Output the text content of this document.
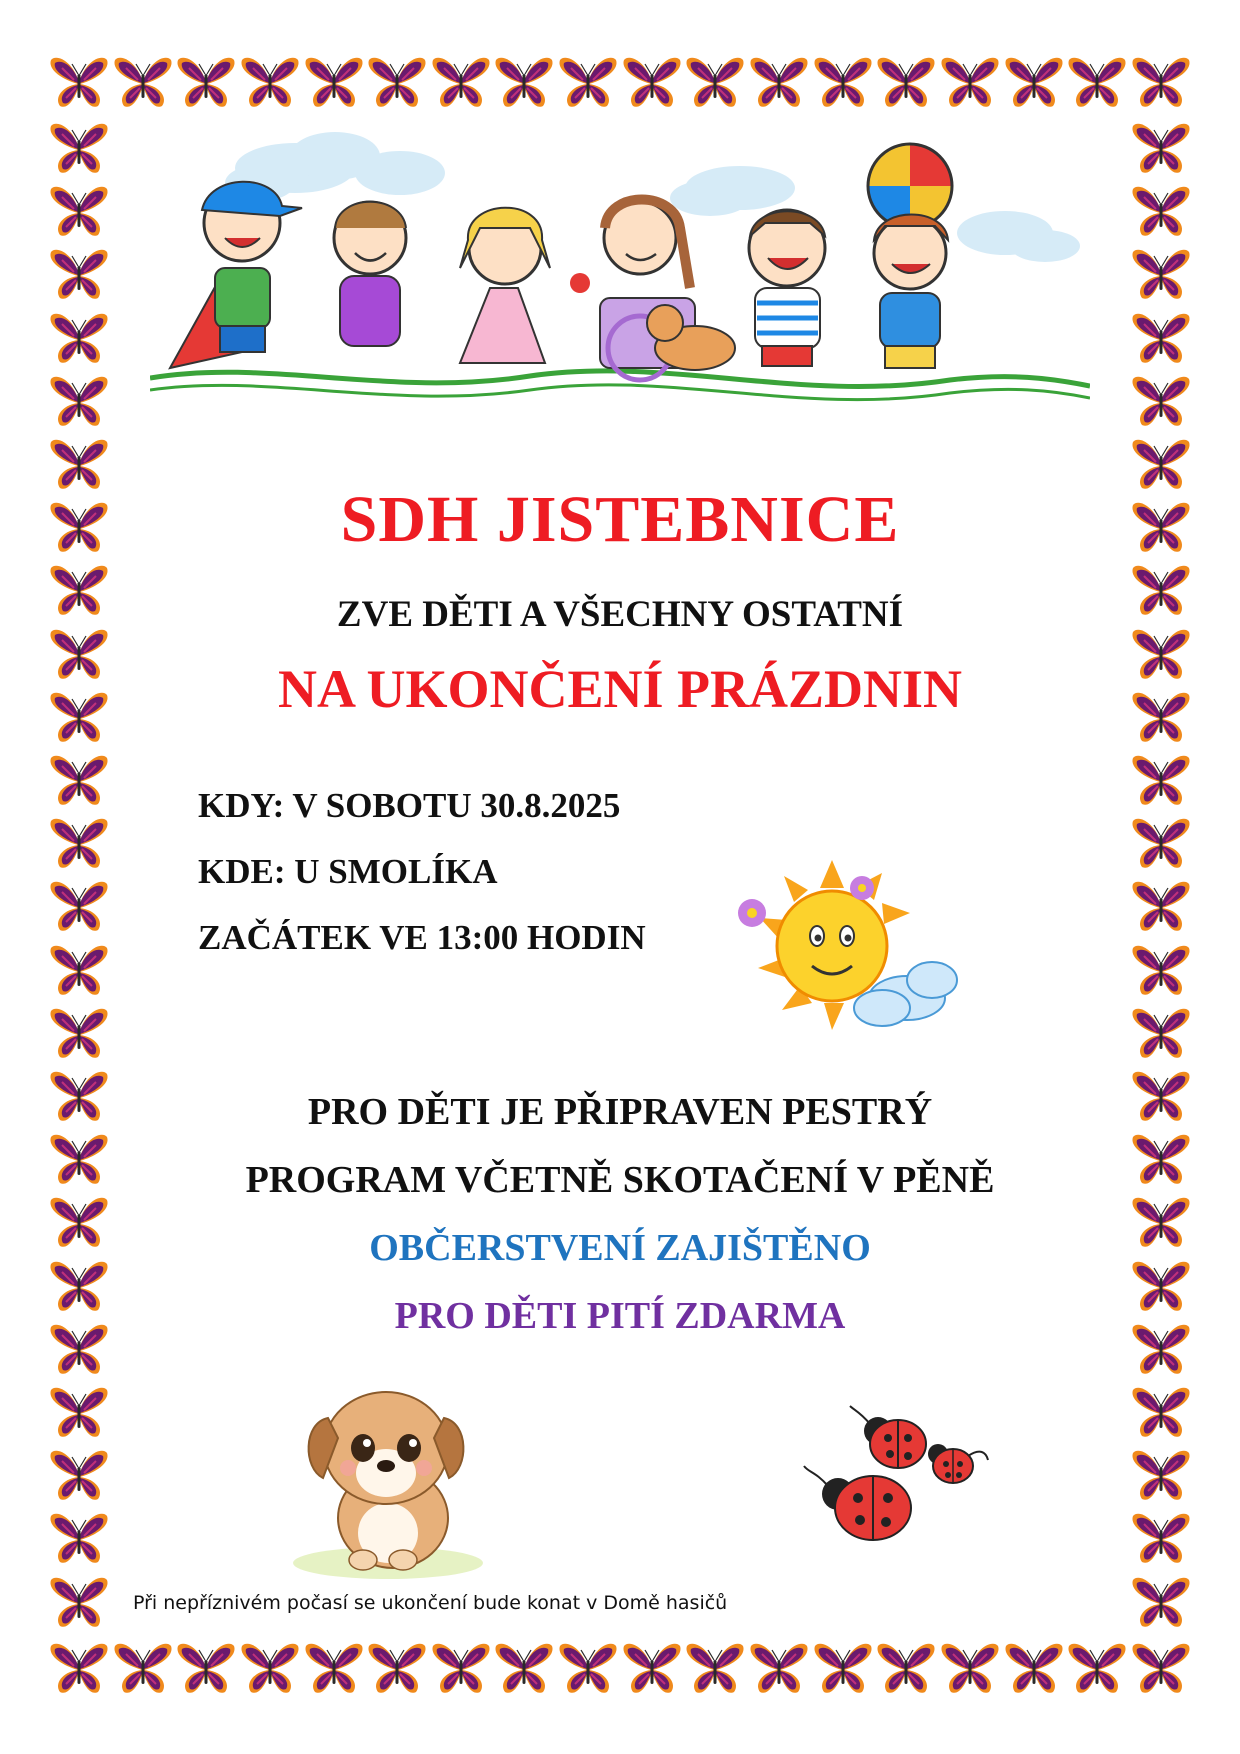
SDH JISTEBNICE
ZVE DĚTI A VŠECHNY OSTATNÍ
NA UKONČENÍ PRÁZDNIN
KDY: V SOBOTU 30.8.2025
KDE: U SMOLÍKA
ZAČÁTEK VE 13:00 HODIN
PRO DĚTI JE PŘIPRAVEN PESTRÝ
PROGRAM VČETNĚ SKOTAČENÍ V PĚNĚ
OBČERSTVENÍ ZAJIŠTĚNO
PRO DĚTI PITÍ ZDARMA
Při nepříznivém počasí se ukončení bude konat v Domě hasičů
